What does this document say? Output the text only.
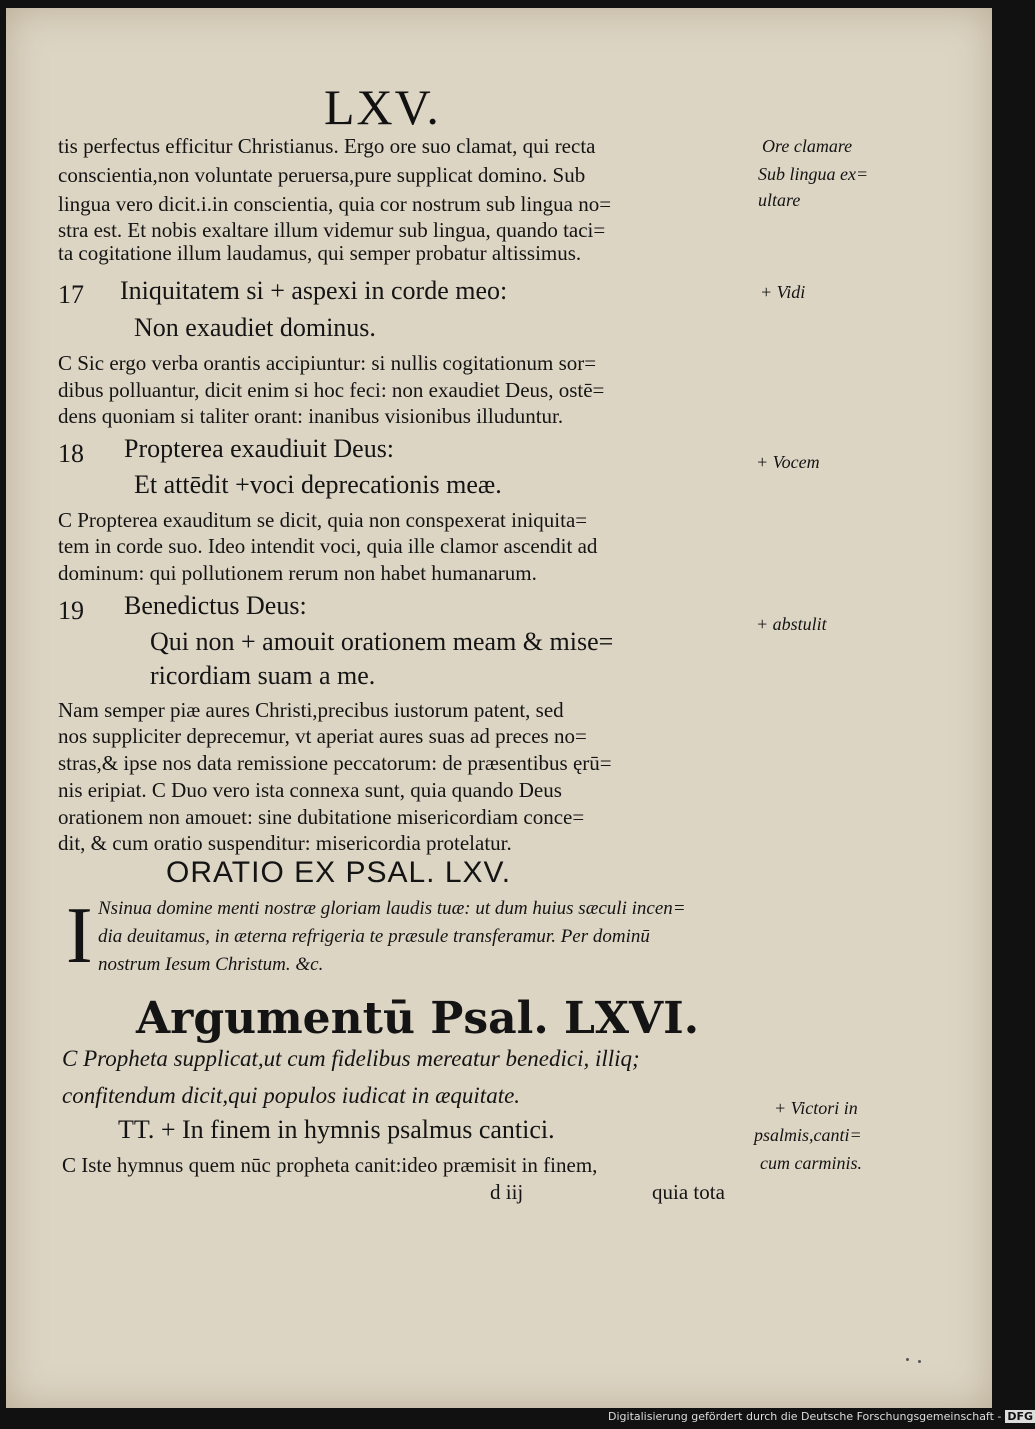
LXV.
tis perfectus efficitur Christianus. Ergo ore suo clamat, qui recta
conscientia,non voluntate peruersa,pure supplicat domino. Sub
lingua vero dicit.i.in conscientia, quia cor nostrum sub lingua no=
stra est. Et nobis exaltare illum videmur sub lingua, quando taci=
ta cogitatione illum laudamus, qui semper probatur altissimus.
17 Iniquitatem si + aspexi in corde meo:
Non exaudiet dominus.
C Sic ergo verba orantis accipiuntur: si nullis cogitationum sor=
dibus polluantur, dicit enim si hoc feci: non exaudiet Deus, ostē=
dens quoniam si taliter orant: inanibus visionibus illuduntur.
18 Propterea exaudiuit Deus:
Et attēdit +voci deprecationis meæ.
C Propterea exauditum se dicit, quia non conspexerat iniquita=
tem in corde suo. Ideo intendit voci, quia ille clamor ascendit ad
dominum: qui pollutionem rerum non habet humanarum.
19 Benedictus Deus:
Qui non + amouit orationem meam & mise=
ricordiam suam a me.
Nam semper piæ aures Christi,precibus iustorum patent, sed
nos suppliciter deprecemur, vt aperiat aures suas ad preces no=
stras,& ipse nos data remissione peccatorum: de præsentibus ęrū=
nis eripiat. C Duo vero ista connexa sunt, quia quando Deus
orationem non amouet: sine dubitatione misericordiam conce=
dit, & cum oratio suspenditur: misericordia protelatur.
ORATIO EX PSAL. LXV.
I Nsinua domine menti nostræ gloriam laudis tuæ: ut dum huius sæculi incen=
dia deuitamus, in æterna refrigeria te præsule transferamur. Per dominū
nostrum Iesum Christum. &c.
Argumentū Psal. LXVI.
C Propheta supplicat,ut cum fidelibus mereatur benedici, illiq;
confitendum dicit,qui populos iudicat in æquitate.
TT. + In finem in hymnis psalmus cantici.
C Iste hymnus quem nūc propheta canit:ideo præmisit in finem,
d iij	quia tota
Ore clamare
Sub lingua ex=
ultare
+ Vidi
+ Vocem
+ abstulit
+ Victori in
psalmis,canti=
cum carminis.
Digitalisierung gefördert durch die Deutsche Forschungsgemeinschaft - DFG
